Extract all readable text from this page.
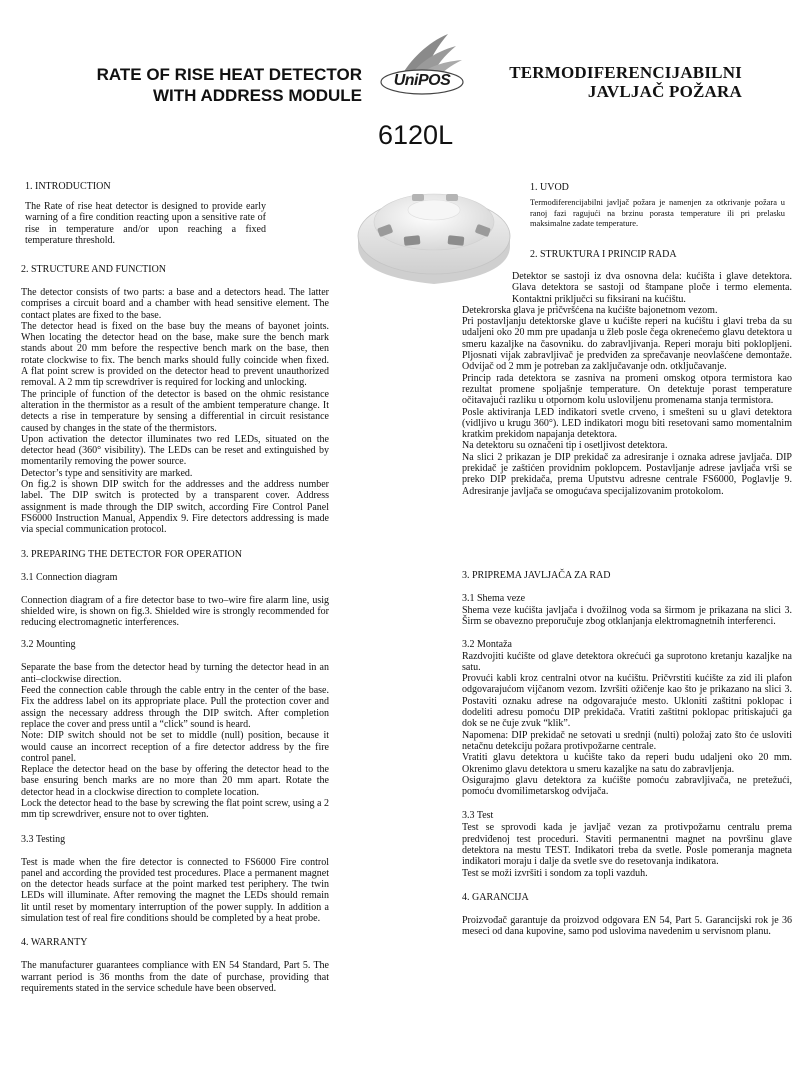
RATE OF RISE HEAT DETECTOR
WITH ADDRESS MODULE
UniPOS	TERMODIFERENCIJABILNI
JAVLJAČ POŽARA
6120L

1. INTRODUCTION

The Rate of rise heat detector is designed to provide early warning of a fire condition reacting upon a sensitive rate of rise in temperature and/or upon reaching a fixed temperature threshold.

2. STRUCTURE AND FUNCTION

The detector consists of two parts: a base and a detectors head. The latter comprises a circuit board and a chamber with head sensitive element. The contact plates are fixed to the base.

The detector head is fixed on the base buy the means of bayonet joints. When locating the detector head on the base, make sure the bench mark stands about 20 mm before the respective bench mark on the base, then rotate clockwise to fix. The bench marks should fully coincide when fixed. A flat point screw is provided on the detector head to prevent unauthorized removal. A 2 mm tip screwdriver is required for locking and unlocking.

The principle of function of the detector is based on the ohmic resistance alteration in the thermistor as a result of the ambient temperature change. It detects a rise in temperature by sensing a differential in circuit resistance caused by changes in the state of the thermistors.

Upon activation the detector illuminates two red LEDs, situated on the detector head (360° visibility). The LEDs can be reset and extinguished by momentarily removing the power source.

Detector’s type and sensitivity are marked.

On fig.2 is shown DIP switch for the addresses and the address number label. The DIP switch is protected by a transparent cover. Address assignment is made through the DIP switch, according Fire Control Panel FS6000 Instruction Manual, Appendix 9. Fire detectors addressing is made via special communication protocol.

3. PREPARING THE DETECTOR FOR OPERATION

3.1 Connection diagram

Connection diagram of a fire detector base to two–wire fire alarm line, usig shielded wire, is shown on fig.3. Shielded wire is strongly recommended for reducing electromagnetic interferences.

3.2 Mounting

Separate the base from the detector head by turning the detector head in an anti–clockwise direction.

Feed the connection cable through the cable entry in the center of the base. Fix the address label on its appropriate place. Pull the protection cover and assign the necessary address through the DIP switch. After completion replace the cover and press until a “click” sound is heard.

Note: DIP switch should not be set to middle (null) position, because it would cause an incorrect reception of a fire detector address by the fire control panel.

Replace the detector head on the base by offering the detector head to the base ensuring bench marks are no more than 20 mm apart. Rotate the detector head in a clockwise direction to complete location.

Lock the detector head to the base by screwing the flat point screw, using a 2 mm tip screwdriver, ensure not to over tighten.

3.3 Testing

Test is made when the fire detector is connected to FS6000 Fire control panel and according the provided test procedures. Place a permanent magnet on the detector heads surface at the point marked test periphery. The twin LEDs will illuminate. After removing the magnet the LEDs should remain lit until reset by momentary interruption of the power supply. In addition a simulation test of real fire conditions should be completed by a heat probe.

4. WARRANTY

The manufacturer guarantees compliance with EN 54 Standard, Part 5. The warrant period is 36 months from the date of purchase, providing that requirements stated in the service schedule have been observed.

1. UVOD

Termodiferencijabilni javljač požara je namenjen za otkrivanje požara u ranoj fazi ragujući na brzinu porasta temperature ili pri prelasku maksimalne zadate temperature.

2. STRUKTURA I PRINCIP RADA

Detektor se sastoji iz dva osnovna dela: kućišta i glave detektora. Glava detektora se sastoji od štampane ploče i termo elementa. Kontaktni priključci su fiksirani na kućištu.

Detekrorska glava je pričvršćena na kućište bajonetnom vezom.

Pri postavljanju detektorske glave u kućište reperi na kućištu i glavi treba da su udaljeni oko 20 mm pre upadanja u žleb posle čega okrenećemo glavu detektora u smeru kazaljke na časovniku. do zabravljivanja. Reperi moraju biti poklopljeni. Pljosnati vijak zabravljivač je predviđen za sprečavanje neovlašćene demontaže. Odvijač od 2 mm je potreban za zaključavanje odn. otključavanje.

Princip rada detektora se zasniva na promeni omskog otpora termistora kao rezultat promene spoljašnje temperature. On detektuje porast temperature očitavajući razliku u otpornom kolu usloviljenu promenama stanja termistora.

Posle aktiviranja LED indikatori svetle crveno, i smešteni su u glavi detektora (vidljivo u krugu 360°). LED indikatori mogu biti resetovani samo momentalnim kratkim prekidom napajanja detektora.

Na detektoru su označeni tip i osetljivost detektora.

Na slici 2 prikazan je DIP prekidač za adresiranje i oznaka adrese javljača. DIP prekidač je zaštićen providnim poklopcem. Postavljanje adrese javljača vrši se preko DIP prekidača, prema Uputstvu adresne centrale FS6000, Poglavlje 9. Adresiranje javljača se omogućava specijalizovanim protokolom.

3. PRIPREMA JAVLJAČA ZA RAD

3.1 Shema veze

Shema veze kućišta javljača i dvožilnog voda sa širmom je prikazana na slici 3. Širm se obavezno preporučuje zbog otklanjanja elektromagnetnih interferenci.

3.2 Montaža

Razdvojiti kućište od glave detektora okrećući ga suprotono kretanju kazaljke na satu.

Provući kabli kroz centralni otvor na kućištu. Pričvrstiti kućište za zid ili plafon odgovarajućom vijčanom vezom. Izvršiti ožičenje kao što je prikazano na slici 3. Postaviti oznaku adrese na odgovarajuće mesto. Ukloniti zaštitni poklopac i dodeliti adresu pomoću DIP prekidača. Vratiti zaštitni poklopac pritiskajući ga dok se ne čuje zvuk “klik”.

Napomena: DIP prekidač ne setovati u srednji (nulti) položaj zato što će usloviti netačnu detekciju požara protivpožarne centrale.

Vratiti glavu detektora u kućište tako da reperi budu udaljeni oko 20 mm. Okrenimo glavu detektora u smeru kazaljke na satu do zabravljenja.

Osigurajmo glavu detektora za kućište pomoću zabravljivača, ne pretežući, pomoću dvomilimetarskog odvijača.

3.3 Test

Test se sprovodi kada je javljač vezan za protivpožarnu centralu prema predviđenoj test proceduri. Staviti permanentni magnet na površinu glave detektora na mestu TEST. Indikatori treba da svetle. Posle pomeranja magneta indikatori moraju i dalje da svetle sve do resetovanja indikatora.

Test se moži izvršiti i sondom za topli vazduh.

4. GARANCIJA

Proizvođač garantuje da proizvod odgovara EN 54, Part 5. Garancijski rok je 36 meseci od dana kupovine, samo pod uslovima navedenim u servisnom planu.
